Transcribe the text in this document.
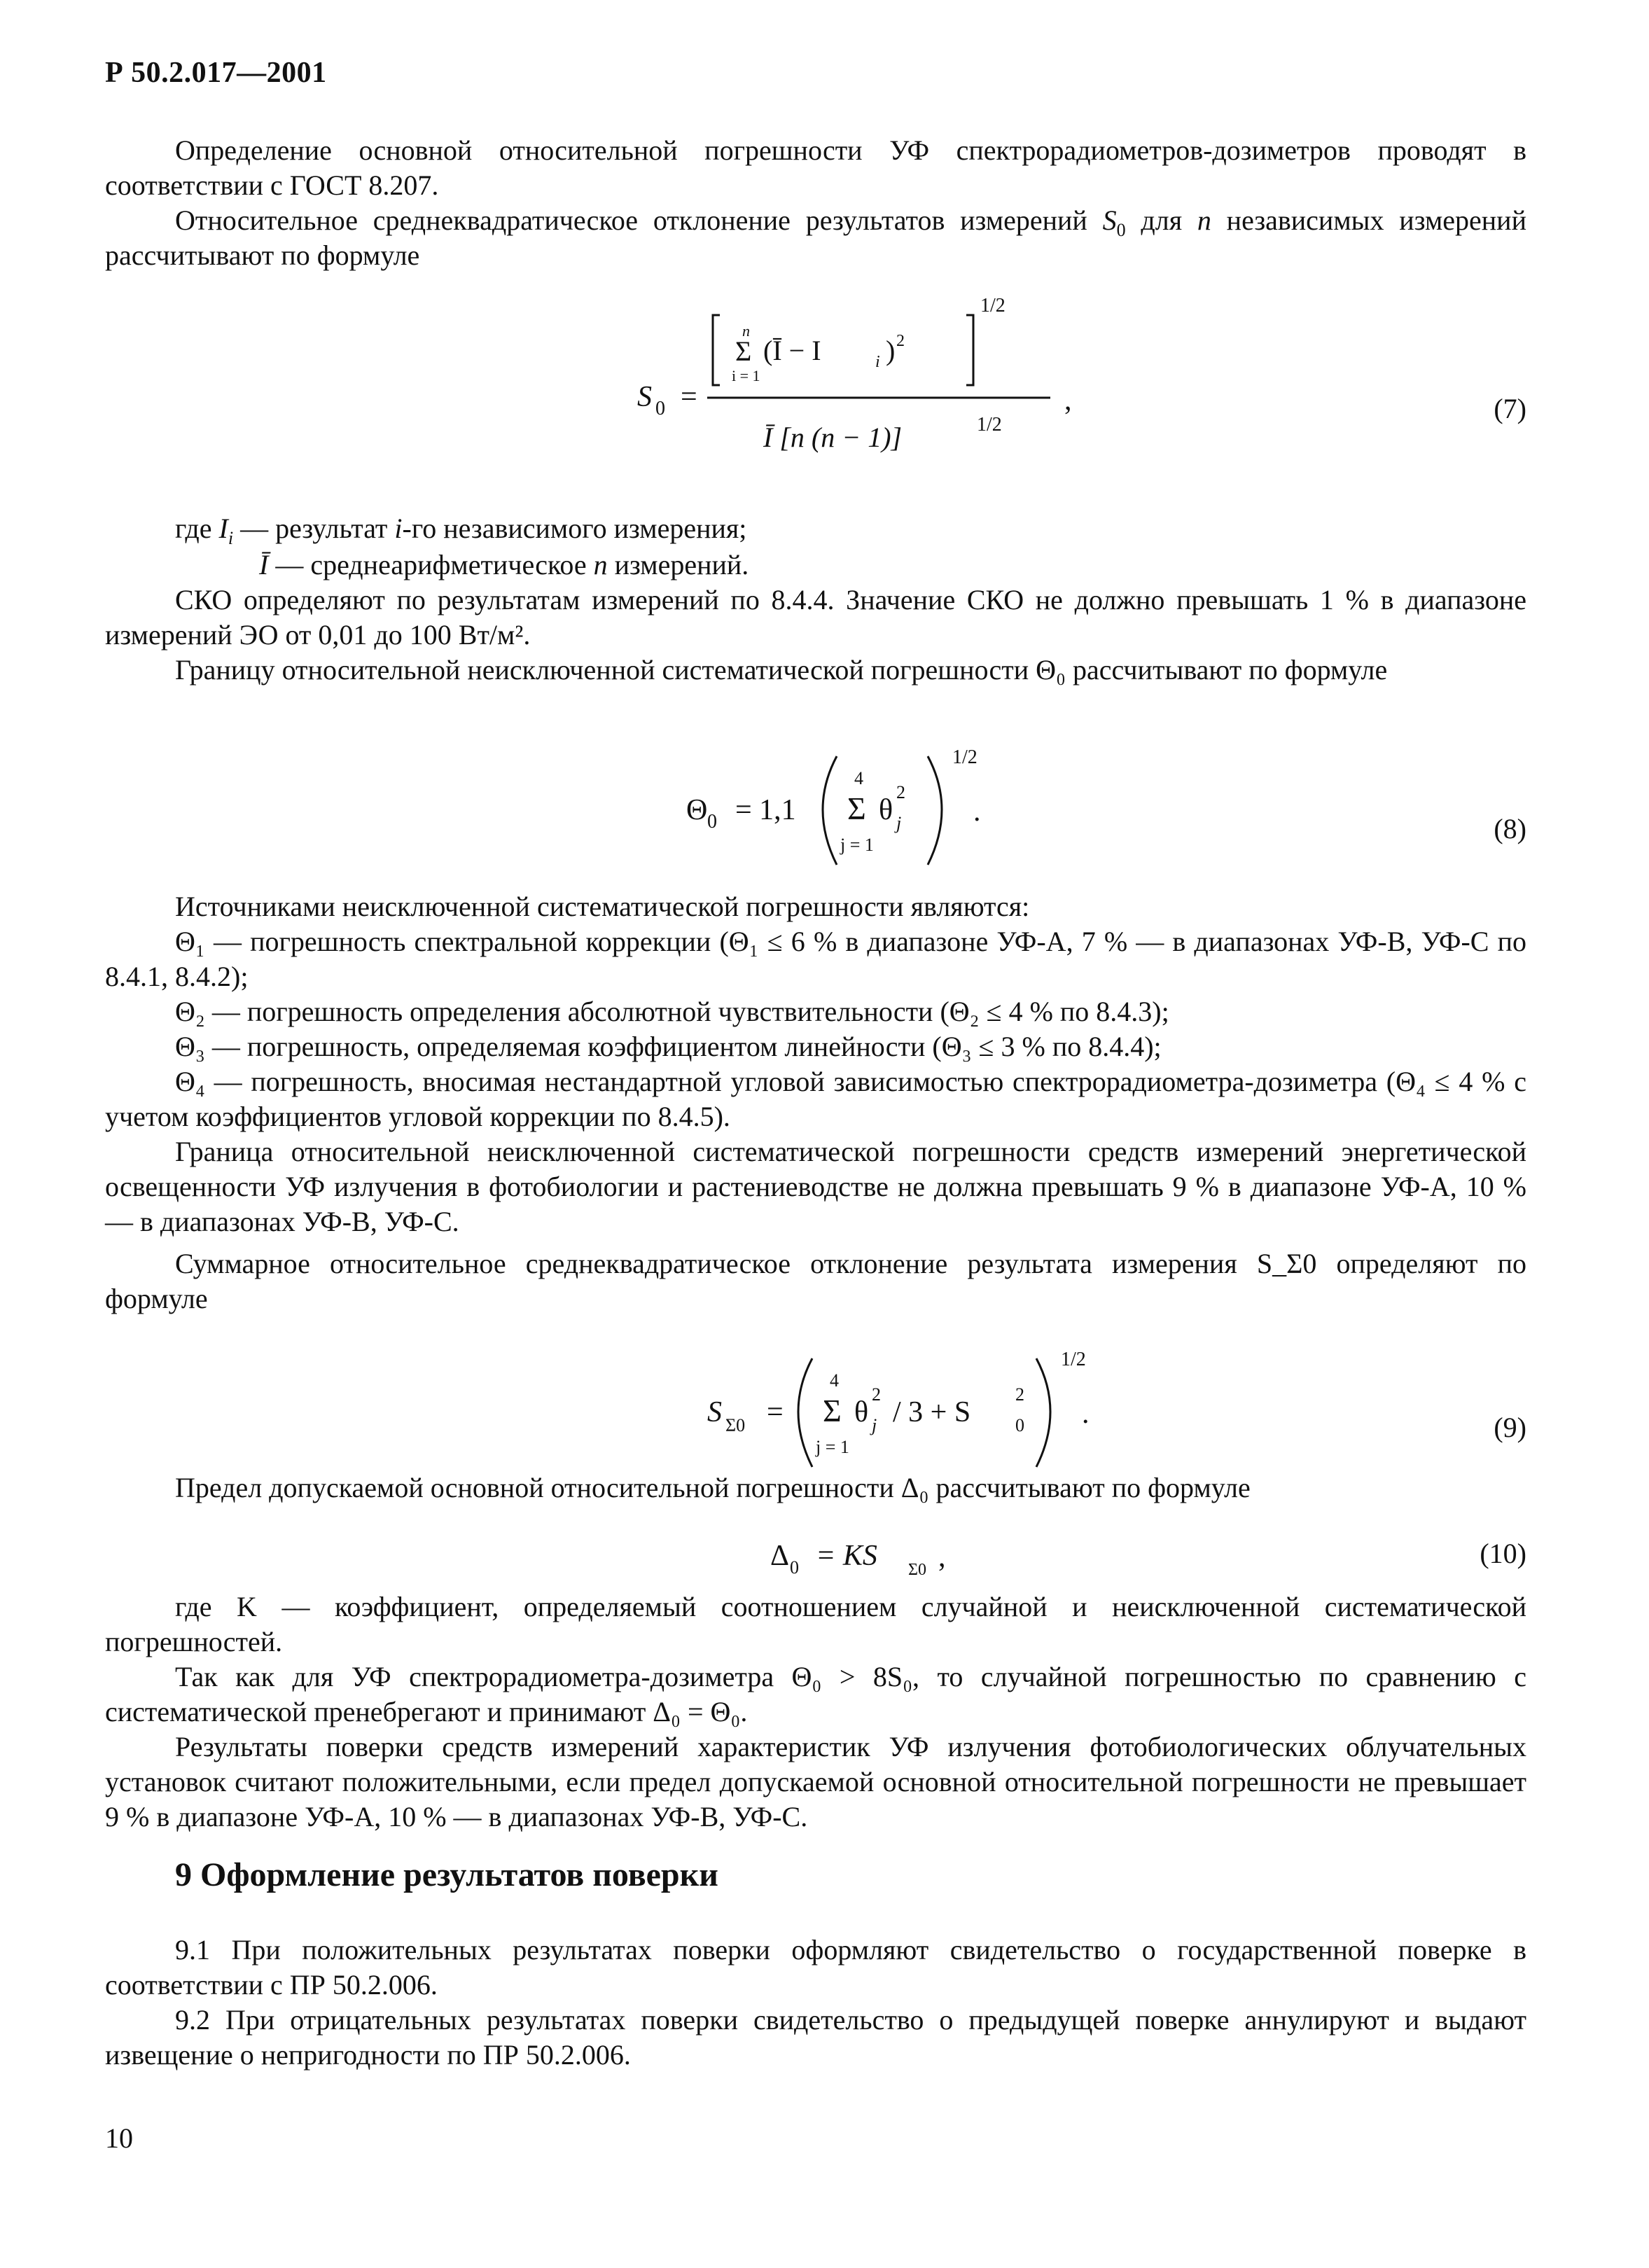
Р 50.2.017—2001
Определение основной относительной погрешности УФ спектрорадиометров-дозиметров проводят в соответствии с ГОСТ 8.207.
Относительное среднеквадратическое отклонение результатов измерений $S_0$ для n независимых измерений рассчитывают по формуле
S 0 =
n
Σ
i = 1
(Ī − I	i ) 2
1/2
Ī [n (n − 1)]	1/2
,	(7)
где $I_i$ — результат i-го независимого измерения;
Ī — среднеарифметическое n измерений.
СКО определяют по результатам измерений по 8.4.4. Значение СКО не должно превышать 1 % в диапазоне измерений ЭО от 0,01 до 100 Вт/м².
Границу относительной неисключенной систематической погрешности Θ₀ рассчитывают по формуле
Θ 0 = 1,1
4
Σ
j = 1
θ
2
j
1/2
.
(8)
Источниками неисключенной систематической погрешности являются:
Θ₁ — погрешность спектральной коррекции (Θ₁ ≤ 6 % в диапазоне УФ-А, 7 % — в диапазонах УФ-В, УФ-С по 8.4.1, 8.4.2);
Θ₂ — погрешность определения абсолютной чувствительности (Θ₂ ≤ 4 % по 8.4.3);
Θ₃ — погрешность, определяемая коэффициентом линейности (Θ₃ ≤ 3 % по 8.4.4);
Θ₄ — погрешность, вносимая нестандартной угловой зависимостью спектрорадиометра-дозиметра (Θ₄ ≤ 4 % с учетом коэффициентов угловой коррекции по 8.4.5).
Граница относительной неисключенной систематической погрешности средств измерений энергетической освещенности УФ излучения в фотобиологии и растениеводстве не должна превышать 9 % в диапазоне УФ-А, 10 % — в диапазонах УФ-В, УФ-С.
Суммарное относительное среднеквадратическое отклонение результата измерения S_Σ0 определяют по формуле
S Σ0 =
4
Σ
j = 1
θ
2
j / 3 + S 0
2
1/2
.	(9)
Предел допускаемой основной относительной погрешности Δ₀ рассчитывают по формуле
Δ 0 = KS Σ0 ,	(10)
где K — коэффициент, определяемый соотношением случайной и неисключенной систематической погрешностей.
Так как для УФ спектрорадиометра-дозиметра Θ₀ > 8S₀, то случайной погрешностью по сравнению с систематической пренебрегают и принимают Δ₀ = Θ₀.
Результаты поверки средств измерений характеристик УФ излучения фотобиологических облучательных установок считают положительными, если предел допускаемой основной относительной погрешности не превышает 9 % в диапазоне УФ-А, 10 % — в диапазонах УФ-В, УФ-С.
9 Оформление результатов поверки
9.1 При положительных результатах поверки оформляют свидетельство о государственной поверке в соответствии с ПР 50.2.006.
9.2 При отрицательных результатах поверки свидетельство о предыдущей поверке аннулируют и выдают извещение о непригодности по ПР 50.2.006.
10
